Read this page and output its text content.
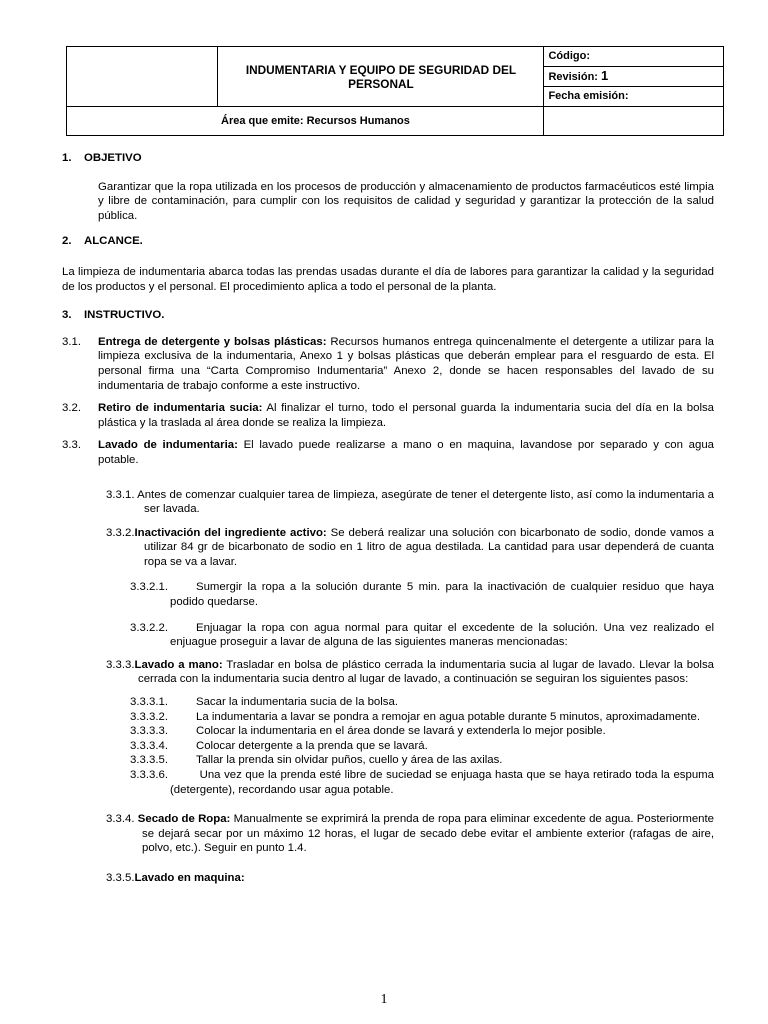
	INDUMENTARIA Y EQUIPO DE SEGURIDAD DEL PERSONAL	Código:
		Revisión: 1
		Fecha emisión:
Área que emite: Recursos Humanos		
1.	OBJETIVO

Garantizar que la ropa utilizada en los procesos de producción y almacenamiento de productos farmacéuticos esté limpia y libre de contaminación, para cumplir con los requisitos de calidad y seguridad y garantizar la protección de la salud pública.

2.	ALCANCE.

La limpieza de indumentaria abarca todas las prendas usadas durante el día de labores para garantizar la calidad y la seguridad de los productos y el personal. El procedimiento aplica a todo el personal de la planta.

3.	INSTRUCTIVO.
3.1.	Entrega de detergente y bolsas plásticas: Recursos humanos entrega quincenalmente el detergente a utilizar para la limpieza exclusiva de la indumentaria, Anexo 1 y bolsas plásticas que deberán emplear para el resguardo de esta. El personal firma una “Carta Compromiso Indumentaria” Anexo 2, donde se hacen responsables del lavado de su indumentaria de trabajo conforme a este instructivo.
3.2.	Retiro de indumentaria sucia: Al finalizar el turno, todo el personal guarda la indumentaria sucia del día en la bolsa plástica y la traslada al área donde se realiza la limpieza.
3.3.	Lavado de indumentaria: El lavado puede realizarse a mano o en maquina, lavandose por separado y con agua potable.

3.3.1. Antes de comenzar cualquier tarea de limpieza, asegúrate de tener el detergente listo, así como la indumentaria a ser lavada.

3.3.2.Inactivación del ingrediente activo: Se deberá realizar una solución con bicarbonato de sodio, donde vamos a utilizar 84 gr de bicarbonato de sodio en 1 litro de agua destilada. La cantidad para usar dependerá de cuanta ropa se va a lavar.

3.3.2.1. Sumergir la ropa a la solución durante 5 min. para la inactivación de cualquier residuo que haya podido quedarse.

3.3.2.2. Enjuagar la ropa con agua normal para quitar el excedente de la solución. Una vez realizado el enjuague proseguir a lavar de alguna de las siguientes maneras mencionadas:

3.3.3.Lavado a mano: Trasladar en bolsa de plástico cerrada la indumentaria sucia al lugar de lavado. Llevar la bolsa cerrada con la indumentaria sucia dentro al lugar de lavado, a continuación se seguiran los siguientes pasos:

3.3.3.1. Sacar la indumentaria sucia de la bolsa.

3.3.3.2. La indumentaria a lavar se pondra a remojar en agua potable durante 5 minutos, aproximadamente.

3.3.3.3. Colocar la indumentaria en el área donde se lavará y extenderla lo mejor posible.

3.3.3.4. Colocar detergente a la prenda que se lavará.

3.3.3.5. Tallar la prenda sin olvidar puños, cuello y área de las axilas.

3.3.3.6. Una vez que la prenda esté libre de suciedad se enjuaga hasta que se haya retirado toda la espuma (detergente), recordando usar agua potable.

3.3.4. Secado de Ropa: Manualmente se exprimirá la prenda de ropa para eliminar excedente de agua. Posteriormente se dejará secar por un máximo 12 horas, el lugar de secado debe evitar el ambiente exterior (rafagas de aire, polvo, etc.). Seguir en punto 1.4.

3.3.5.Lavado en maquina:

1
